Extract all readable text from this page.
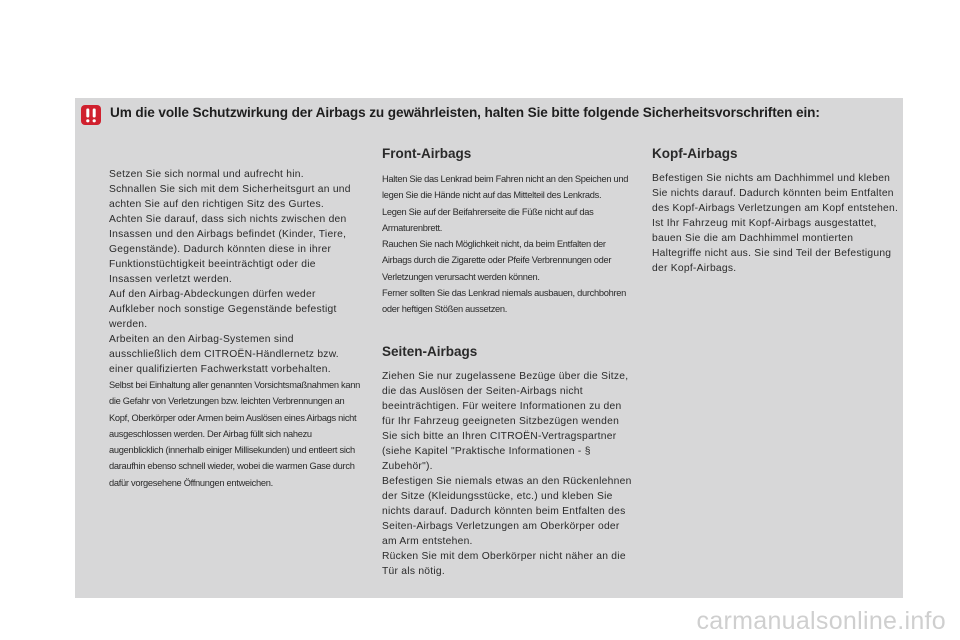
Um die volle Schutzwirkung der Airbags zu gewährleisten, halten Sie bitte folgende Sicherheitsvorschriften ein:

Setzen Sie sich normal und aufrecht hin.
Schnallen Sie sich mit dem Sicherheitsgurt an und achten Sie auf den richtigen Sitz des Gurtes.
Achten Sie darauf, dass sich nichts zwischen den Insassen und den Airbags befindet (Kinder, Tiere, Gegenstände). Dadurch könnten diese in ihrer Funktionstüchtigkeit beeinträchtigt oder die Insassen verletzt werden.
Auf den Airbag-Abdeckungen dürfen weder Aufkleber noch sonstige Gegenstände befestigt werden.
Arbeiten an den Airbag-Systemen sind ausschließlich dem CITROËN-Händlernetz bzw. einer qualifizierten Fachwerkstatt vorbehalten.

Selbst bei Einhaltung aller genannten Vorsichtsmaßnahmen kann die Gefahr von Verletzungen bzw. leichten Verbrennungen an Kopf, Oberkörper oder Armen beim Auslösen eines Airbags nicht ausgeschlossen werden. Der Airbag füllt sich nahezu augenblicklich (innerhalb einiger Millisekunden) und entleert sich daraufhin ebenso schnell wieder, wobei die warmen Gase durch dafür vorgesehene Öffnungen entweichen.

Front-Airbags

Halten Sie das Lenkrad beim Fahren nicht an den Speichen und legen Sie die Hände nicht auf das Mittelteil des Lenkrads.
Legen Sie auf der Beifahrerseite die Füße nicht auf das Armaturenbrett.
Rauchen Sie nach Möglichkeit nicht, da beim Entfalten der Airbags durch die Zigarette oder Pfeife Verbrennungen oder Verletzungen verursacht werden können.
Ferner sollten Sie das Lenkrad niemals ausbauen, durchbohren oder heftigen Stößen aussetzen.

Seiten-Airbags

Ziehen Sie nur zugelassene Bezüge über die Sitze, die das Auslösen der Seiten-Airbags nicht beeinträchtigen. Für weitere Informationen zu den für Ihr Fahrzeug geeigneten Sitzbezügen wenden Sie sich bitte an Ihren CITROËN-Vertragspartner (siehe Kapitel "Praktische Informationen - § Zubehör").
Befestigen Sie niemals etwas an den Rückenlehnen der Sitze (Kleidungsstücke, etc.) und kleben Sie nichts darauf. Dadurch könnten beim Entfalten des Seiten-Airbags Verletzungen am Oberkörper oder am Arm entstehen.
Rücken Sie mit dem Oberkörper nicht näher an die Tür als nötig.

Kopf-Airbags

Befestigen Sie nichts am Dachhimmel und kleben Sie nichts darauf. Dadurch könnten beim Entfalten des Kopf-Airbags Verletzungen am Kopf entstehen.
Ist Ihr Fahrzeug mit Kopf-Airbags ausgestattet, bauen Sie die am Dachhimmel montierten Haltegriffe nicht aus. Sie sind Teil der Befestigung der Kopf-Airbags.

carmanualsonline.info
